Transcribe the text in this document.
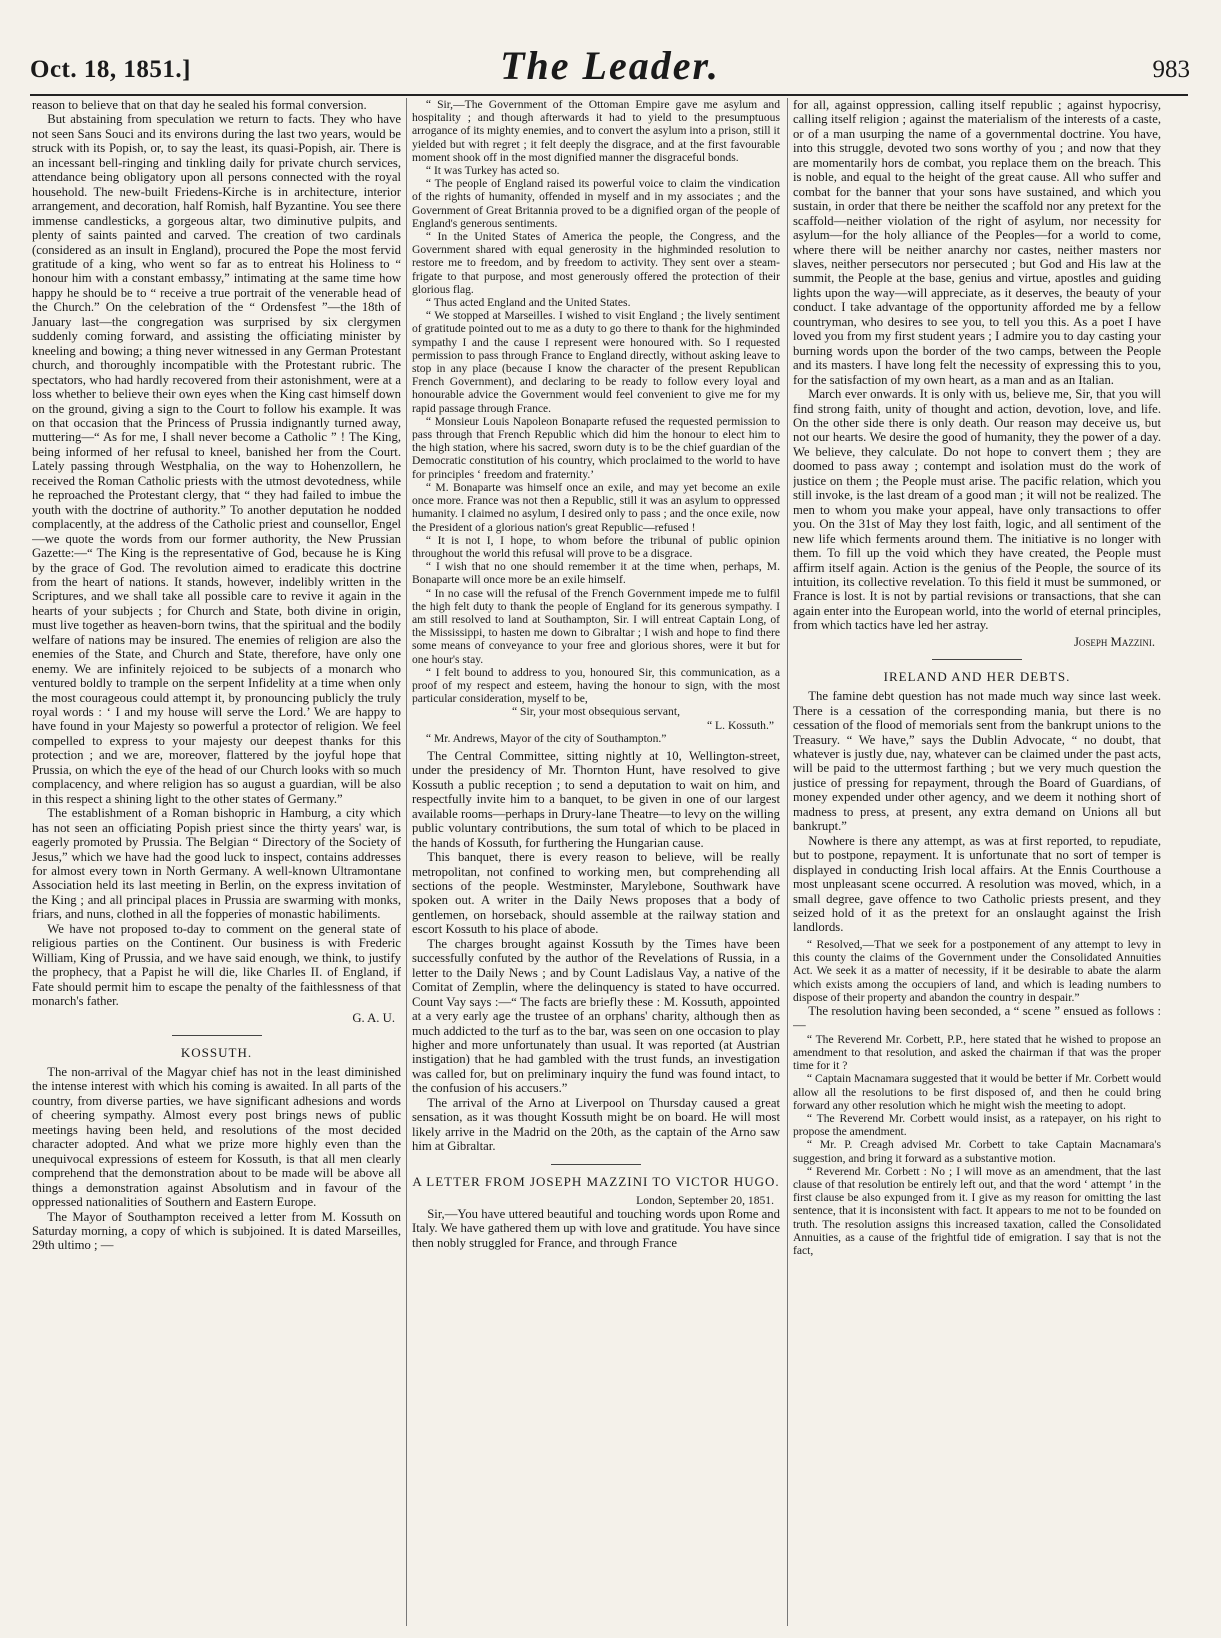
Oct. 18, 1851.]	The Leader.	983

reason to believe that on that day he sealed his formal conversion.

But abstaining from speculation we return to facts. They who have not seen Sans Souci and its environs during the last two years, would be struck with its Popish, or, to say the least, its quasi-Popish, air. There is an incessant bell-ringing and tinkling daily for private church services, attendance being obligatory upon all persons connected with the royal household. The new-built Friedens-Kirche is in architecture, interior arrangement, and decoration, half Romish, half Byzantine. You see there immense candlesticks, a gorgeous altar, two diminutive pulpits, and plenty of saints painted and carved. The creation of two cardinals (considered as an insult in England), procured the Pope the most fervid gratitude of a king, who went so far as to entreat his Holiness to “ honour him with a constant embassy,” intimating at the same time how happy he should be to “ receive a true portrait of the venerable head of the Church.” On the celebration of the “ Ordensfest ”—the 18th of January last—the congregation was surprised by six clergymen suddenly coming forward, and assisting the officiating minister by kneeling and bowing; a thing never witnessed in any German Protestant church, and thoroughly incompatible with the Protestant rubric. The spectators, who had hardly recovered from their astonishment, were at a loss whether to believe their own eyes when the King cast himself down on the ground, giving a sign to the Court to follow his example. It was on that occasion that the Princess of Prussia indignantly turned away, muttering—“ As for me, I shall never become a Catholic ” ! The King, being informed of her refusal to kneel, banished her from the Court. Lately passing through Westphalia, on the way to Hohenzollern, he received the Roman Catholic priests with the utmost devotedness, while he reproached the Protestant clergy, that “ they had failed to imbue the youth with the doctrine of authority.” To another deputation he nodded complacently, at the address of the Catholic priest and counsellor, Engel—we quote the words from our former authority, the New Prussian Gazette:—“ The King is the representative of God, because he is King by the grace of God. The revolution aimed to eradicate this doctrine from the heart of nations. It stands, however, indelibly written in the Scriptures, and we shall take all possible care to revive it again in the hearts of your subjects ; for Church and State, both divine in origin, must live together as heaven-born twins, that the spiritual and the bodily welfare of nations may be insured. The enemies of religion are also the enemies of the State, and Church and State, therefore, have only one enemy. We are infinitely rejoiced to be subjects of a monarch who ventured boldly to trample on the serpent Infidelity at a time when only the most courageous could attempt it, by pronouncing publicly the truly royal words : ‘ I and my house will serve the Lord.’ We are happy to have found in your Majesty so powerful a protector of religion. We feel compelled to express to your majesty our deepest thanks for this protection ; and we are, moreover, flattered by the joyful hope that Prussia, on which the eye of the head of our Church looks with so much complacency, and where religion has so august a guardian, will be also in this respect a shining light to the other states of Germany.”

The establishment of a Roman bishopric in Hamburg, a city which has not seen an officiating Popish priest since the thirty years' war, is eagerly promoted by Prussia. The Belgian “ Directory of the Society of Jesus,” which we have had the good luck to inspect, contains addresses for almost every town in North Germany. A well-known Ultramontane Association held its last meeting in Berlin, on the express invitation of the King ; and all principal places in Prussia are swarming with monks, friars, and nuns, clothed in all the fopperies of monastic habiliments.

We have not proposed to-day to comment on the general state of religious parties on the Continent. Our business is with Frederic William, King of Prussia, and we have said enough, we think, to justify the prophecy, that a Papist he will die, like Charles II. of England, if Fate should permit him to escape the penalty of the faithlessness of that monarch's father.

G. A. U.

KOSSUTH.

The non-arrival of the Magyar chief has not in the least diminished the intense interest with which his coming is awaited. In all parts of the country, from diverse parties, we have significant adhesions and words of cheering sympathy. Almost every post brings news of public meetings having been held, and resolutions of the most decided character adopted. And what we prize more highly even than the unequivocal expressions of esteem for Kossuth, is that all men clearly comprehend that the demonstration about to be made will be above all things a demonstration against Absolutism and in favour of the oppressed nationalities of Southern and Eastern Europe.

The Mayor of Southampton received a letter from M. Kossuth on Saturday morning, a copy of which is subjoined. It is dated Marseilles, 29th ultimo ; —

“ Sir,—The Government of the Ottoman Empire gave me asylum and hospitality ; and though afterwards it had to yield to the presumptuous arrogance of its mighty enemies, and to convert the asylum into a prison, still it yielded but with regret ; it felt deeply the disgrace, and at the first favourable moment shook off in the most dignified manner the disgraceful bonds.

“ It was Turkey has acted so.

“ The people of England raised its powerful voice to claim the vindication of the rights of humanity, offended in myself and in my associates ; and the Government of Great Britannia proved to be a dignified organ of the people of England's generous sentiments.

“ In the United States of America the people, the Congress, and the Government shared with equal generosity in the highminded resolution to restore me to freedom, and by freedom to activity. They sent over a steam-frigate to that purpose, and most generously offered the protection of their glorious flag.

“ Thus acted England and the United States.

“ We stopped at Marseilles. I wished to visit England ; the lively sentiment of gratitude pointed out to me as a duty to go there to thank for the highminded sympathy I and the cause I represent were honoured with. So I requested permission to pass through France to England directly, without asking leave to stop in any place (because I know the character of the present Republican French Government), and declaring to be ready to follow every loyal and honourable advice the Government would feel convenient to give me for my rapid passage through France.

“ Monsieur Louis Napoleon Bonaparte refused the requested permission to pass through that French Republic which did him the honour to elect him to the high station, where his sacred, sworn duty is to be the chief guardian of the Democratic constitution of his country, which proclaimed to the world to have for principles ‘ freedom and fraternity.’

“ M. Bonaparte was himself once an exile, and may yet become an exile once more. France was not then a Republic, still it was an asylum to oppressed humanity. I claimed no asylum, I desired only to pass ; and the once exile, now the President of a glorious nation's great Republic—refused !

“ It is not I, I hope, to whom before the tribunal of public opinion throughout the world this refusal will prove to be a disgrace.

“ I wish that no one should remember it at the time when, perhaps, M. Bonaparte will once more be an exile himself.

“ In no case will the refusal of the French Government impede me to fulfil the high felt duty to thank the people of England for its generous sympathy. I am still resolved to land at Southampton, Sir. I will entreat Captain Long, of the Mississippi, to hasten me down to Gibraltar ; I wish and hope to find there some means of conveyance to your free and glorious shores, were it but for one hour's stay.

“ I felt bound to address to you, honoured Sir, this communication, as a proof of my respect and esteem, having the honour to sign, with the most particular consideration, myself to be,

“ Sir, your most obsequious servant,

“ L. Kossuth.”

“ Mr. Andrews, Mayor of the city of Southampton.”

The Central Committee, sitting nightly at 10, Wellington-street, under the presidency of Mr. Thornton Hunt, have resolved to give Kossuth a public reception ; to send a deputation to wait on him, and respectfully invite him to a banquet, to be given in one of our largest available rooms—perhaps in Drury-lane Theatre—to levy on the willing public voluntary contributions, the sum total of which to be placed in the hands of Kossuth, for furthering the Hungarian cause.

This banquet, there is every reason to believe, will be really metropolitan, not confined to working men, but comprehending all sections of the people. Westminster, Marylebone, Southwark have spoken out. A writer in the Daily News proposes that a body of gentlemen, on horseback, should assemble at the railway station and escort Kossuth to his place of abode.

The charges brought against Kossuth by the Times have been successfully confuted by the author of the Revelations of Russia, in a letter to the Daily News ; and by Count Ladislaus Vay, a native of the Comitat of Zemplin, where the delinquency is stated to have occurred. Count Vay says :—“ The facts are briefly these : M. Kossuth, appointed at a very early age the trustee of an orphans' charity, although then as much addicted to the turf as to the bar, was seen on one occasion to play higher and more unfortunately than usual. It was reported (at Austrian instigation) that he had gambled with the trust funds, an investigation was called for, but on preliminary inquiry the fund was found intact, to the confusion of his accusers.”

The arrival of the Arno at Liverpool on Thursday caused a great sensation, as it was thought Kossuth might be on board. He will most likely arrive in the Madrid on the 20th, as the captain of the Arno saw him at Gibraltar.

A LETTER FROM JOSEPH MAZZINI TO VICTOR HUGO.

London, September 20, 1851.

Sir,—You have uttered beautiful and touching words upon Rome and Italy. We have gathered them up with love and gratitude. You have since then nobly struggled for France, and through France

for all, against oppression, calling itself republic ; against hypocrisy, calling itself religion ; against the materialism of the interests of a caste, or of a man usurping the name of a governmental doctrine. You have, into this struggle, devoted two sons worthy of you ; and now that they are momentarily hors de combat, you replace them on the breach. This is noble, and equal to the height of the great cause. All who suffer and combat for the banner that your sons have sustained, and which you sustain, in order that there be neither the scaffold nor any pretext for the scaffold—neither violation of the right of asylum, nor necessity for asylum—for the holy alliance of the Peoples—for a world to come, where there will be neither anarchy nor castes, neither masters nor slaves, neither persecutors nor persecuted ; but God and His law at the summit, the People at the base, genius and virtue, apostles and guiding lights upon the way—will appreciate, as it deserves, the beauty of your conduct. I take advantage of the opportunity afforded me by a fellow countryman, who desires to see you, to tell you this. As a poet I have loved you from my first student years ; I admire you to day casting your burning words upon the border of the two camps, between the People and its masters. I have long felt the necessity of expressing this to you, for the satisfaction of my own heart, as a man and as an Italian.

March ever onwards. It is only with us, believe me, Sir, that you will find strong faith, unity of thought and action, devotion, love, and life. On the other side there is only death. Our reason may deceive us, but not our hearts. We desire the good of humanity, they the power of a day. We believe, they calculate. Do not hope to convert them ; they are doomed to pass away ; contempt and isolation must do the work of justice on them ; the People must arise. The pacific relation, which you still invoke, is the last dream of a good man ; it will not be realized. The men to whom you make your appeal, have only transactions to offer you. On the 31st of May they lost faith, logic, and all sentiment of the new life which ferments around them. The initiative is no longer with them. To fill up the void which they have created, the People must affirm itself again. Action is the genius of the People, the source of its intuition, its collective revelation. To this field it must be summoned, or France is lost. It is not by partial revisions or transactions, that she can again enter into the European world, into the world of eternal principles, from which tactics have led her astray.

Joseph Mazzini.

IRELAND AND HER DEBTS.

The famine debt question has not made much way since last week. There is a cessation of the corresponding mania, but there is no cessation of the flood of memorials sent from the bankrupt unions to the Treasury. “ We have,” says the Dublin Advocate, “ no doubt, that whatever is justly due, nay, whatever can be claimed under the past acts, will be paid to the uttermost farthing ; but we very much question the justice of pressing for repayment, through the Board of Guardians, of money expended under other agency, and we deem it nothing short of madness to press, at present, any extra demand on Unions all but bankrupt.”

Nowhere is there any attempt, as was at first reported, to repudiate, but to postpone, repayment. It is unfortunate that no sort of temper is displayed in conducting Irish local affairs. At the Ennis Courthouse a most unpleasant scene occurred. A resolution was moved, which, in a small degree, gave offence to two Catholic priests present, and they seized hold of it as the pretext for an onslaught against the Irish landlords.

“ Resolved,—That we seek for a postponement of any attempt to levy in this county the claims of the Government under the Consolidated Annuities Act. We seek it as a matter of necessity, if it be desirable to abate the alarm which exists among the occupiers of land, and which is leading numbers to dispose of their property and abandon the country in despair.”

The resolution having been seconded, a “ scene ” ensued as follows : —

“ The Reverend Mr. Corbett, P.P., here stated that he wished to propose an amendment to that resolution, and asked the chairman if that was the proper time for it ?

“ Captain Macnamara suggested that it would be better if Mr. Corbett would allow all the resolutions to be first disposed of, and then he could bring forward any other resolution which he might wish the meeting to adopt.

“ The Reverend Mr. Corbett would insist, as a ratepayer, on his right to propose the amendment.

“ Mr. P. Creagh advised Mr. Corbett to take Captain Macnamara's suggestion, and bring it forward as a substantive motion.

“ Reverend Mr. Corbett : No ; I will move as an amendment, that the last clause of that resolution be entirely left out, and that the word ‘ attempt ’ in the first clause be also expunged from it. I give as my reason for omitting the last sentence, that it is inconsistent with fact. It appears to me not to be founded on truth. The resolution assigns this increased taxation, called the Consolidated Annuities, as a cause of the frightful tide of emigration. I say that is not the fact,
